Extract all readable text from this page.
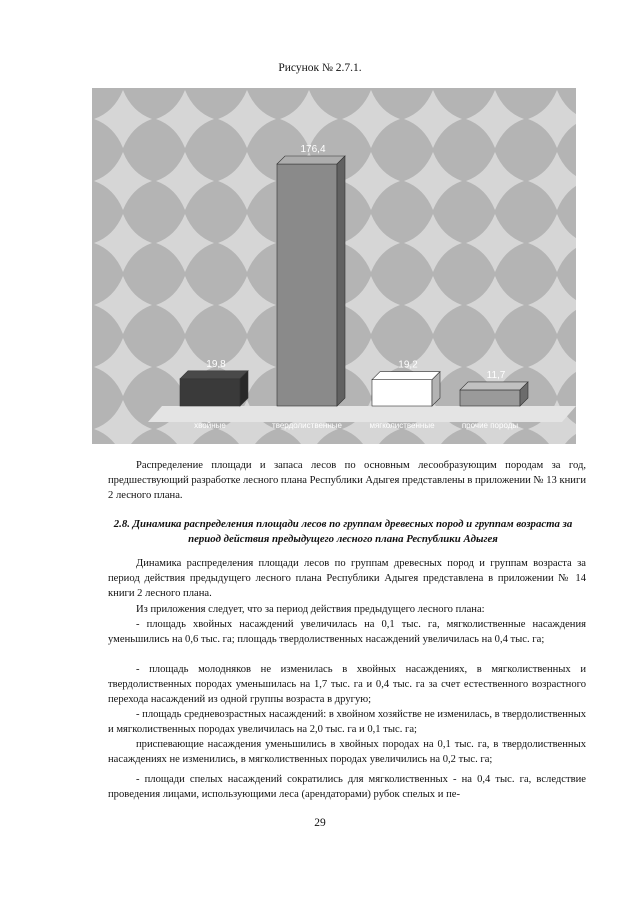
Рисунок № 2.7.1.
19,8
176,4
19,2
11,7
хвойные	твердолиственные	мягколиственные	прочие породы
Распределение площади и запаса лесов по основным лесообразующим породам за год, предшествующий разработке лесного плана Республики Адыгея представлены в приложении № 13 книги 2 лесного плана.
2.8. Динамика распределения площади лесов по группам древесных пород и группам возраста за период действия предыдущего лесного плана Республики Адыгея
Динамика распределения площади лесов по группам древесных пород и группам возраста за период действия предыдущего лесного плана Республики Адыгея представлена в приложении № 14 книги 2 лесного плана.
Из приложения следует, что за период действия предыдущего лесного плана:
- площадь хвойных насаждений увеличилась на 0,1 тыс. га, мягколиственные насаждения уменьшились на 0,6 тыс. га; площадь твердолиственных насаждений увеличилась на 0,4 тыс. га;
- площадь молодняков не изменилась в хвойных насаждениях, в мягколиственных и твердолиственных породах уменьшилась на 1,7 тыс. га и 0,4 тыс. га за счет естественного возрастного перехода насаждений из одной группы возраста в другую;
- площадь средневозрастных насаждений: в хвойном хозяйстве не изменилась, в твердолиственных и мягколиственных породах увеличилась на 2,0 тыс. га и 0,1 тыс. га;
приспевающие насаждения уменьшились в хвойных породах на 0,1 тыс. га, в твердолиственных насаждениях не изменились, в мягколиственных породах увеличились на 0,2 тыс. га;
- площади спелых насаждений сократились для мягколиственных - на 0,4 тыс. га, вследствие проведения лицами, использующими леса (арендаторами) рубок спелых и пе-
29
